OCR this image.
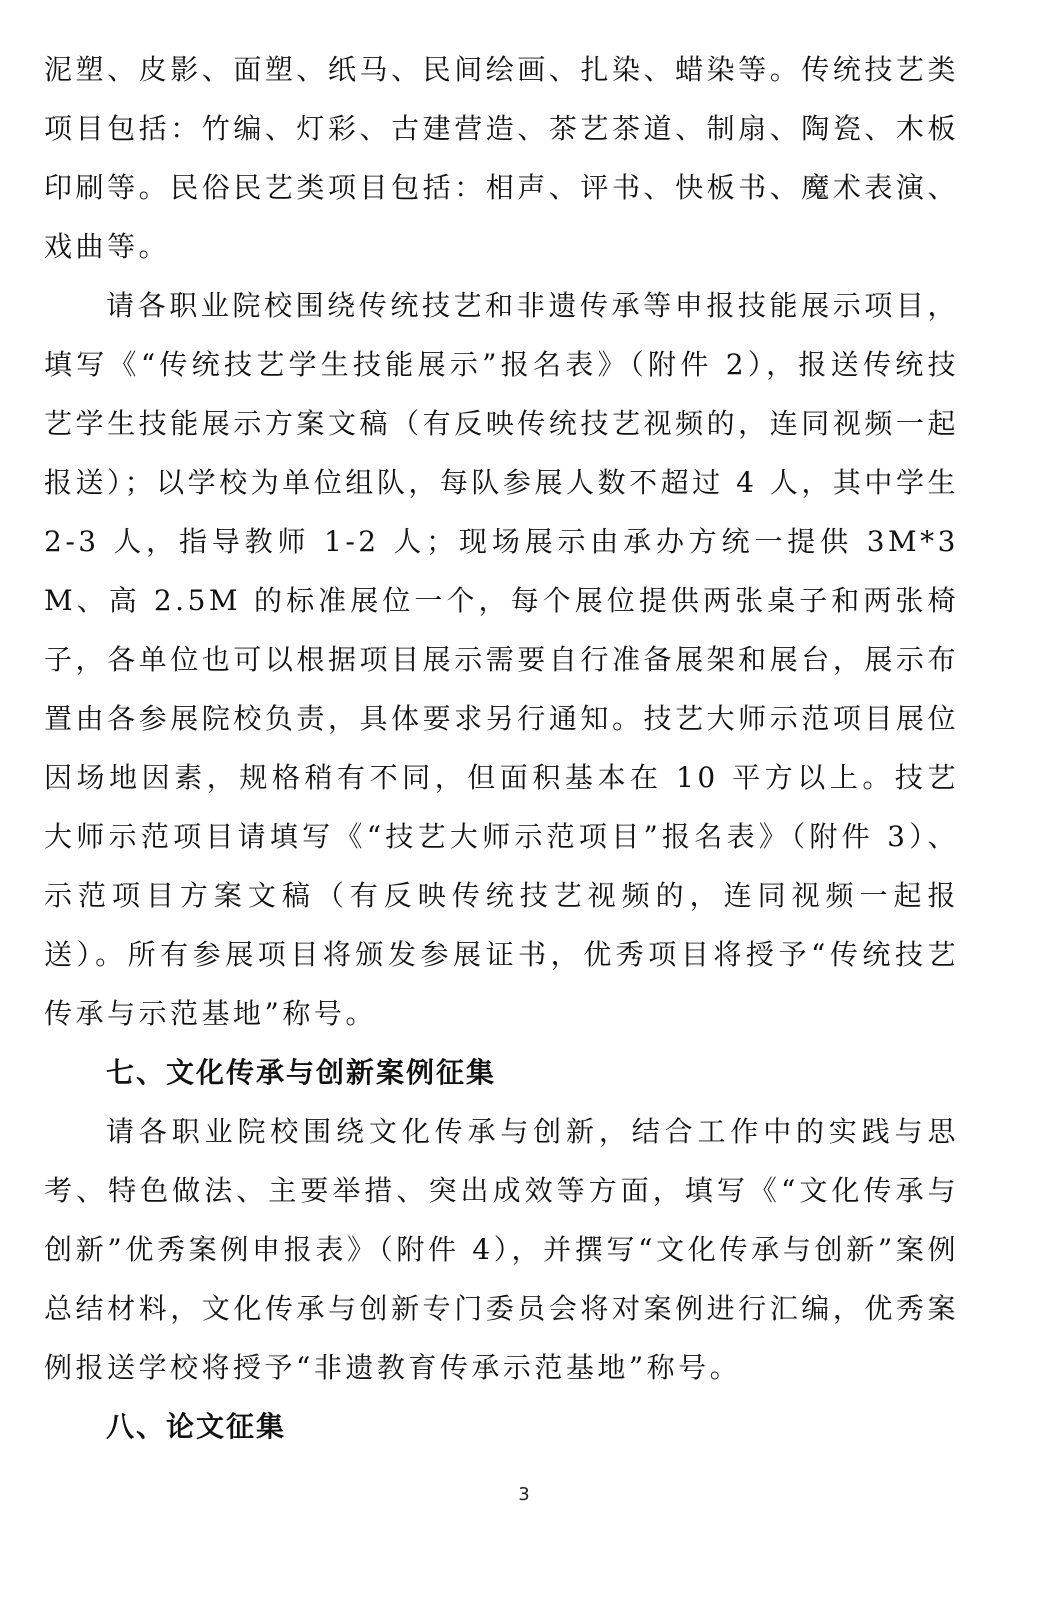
泥塑、皮影、面塑、纸马、民间绘画、扎染、蜡染等。传统技艺类项目包括：竹编、灯彩、古建营造、茶艺茶道、制扇、陶瓷、木板印刷等。民俗民艺类项目包括：相声、评书、快板书、魔术表演、戏曲等。

请各职业院校围绕传统技艺和非遗传承等申报技能展示项目，填写《“传统技艺学生技能展示”报名表》（附件 2），报送传统技艺学生技能展示方案文稿（有反映传统技艺视频的，连同视频一起报送）；以学校为单位组队，每队参展人数不超过 4 人，其中学生 2-3 人，指导教师 1-2 人；现场展示由承办方统一提供 3M*3M、高 2.5M 的标准展位一个，每个展位提供两张桌子和两张椅子，各单位也可以根据项目展示需要自行准备展架和展台，展示布置由各参展院校负责，具体要求另行通知。技艺大师示范项目展位因场地因素，规格稍有不同，但面积基本在 10 平方以上。技艺大师示范项目请填写《“技艺大师示范项目”报名表》（附件 3）、示范项目方案文稿（有反映传统技艺视频的，连同视频一起报送）。所有参展项目将颁发参展证书，优秀项目将授予“传统技艺传承与示范基地”称号。

七、文化传承与创新案例征集

请各职业院校围绕文化传承与创新，结合工作中的实践与思考、特色做法、主要举措、突出成效等方面，填写《“文化传承与创新”优秀案例申报表》（附件 4），并撰写“文化传承与创新”案例总结材料，文化传承与创新专门委员会将对案例进行汇编，优秀案例报送学校将授予“非遗教育传承示范基地”称号。

八、论文征集
3
